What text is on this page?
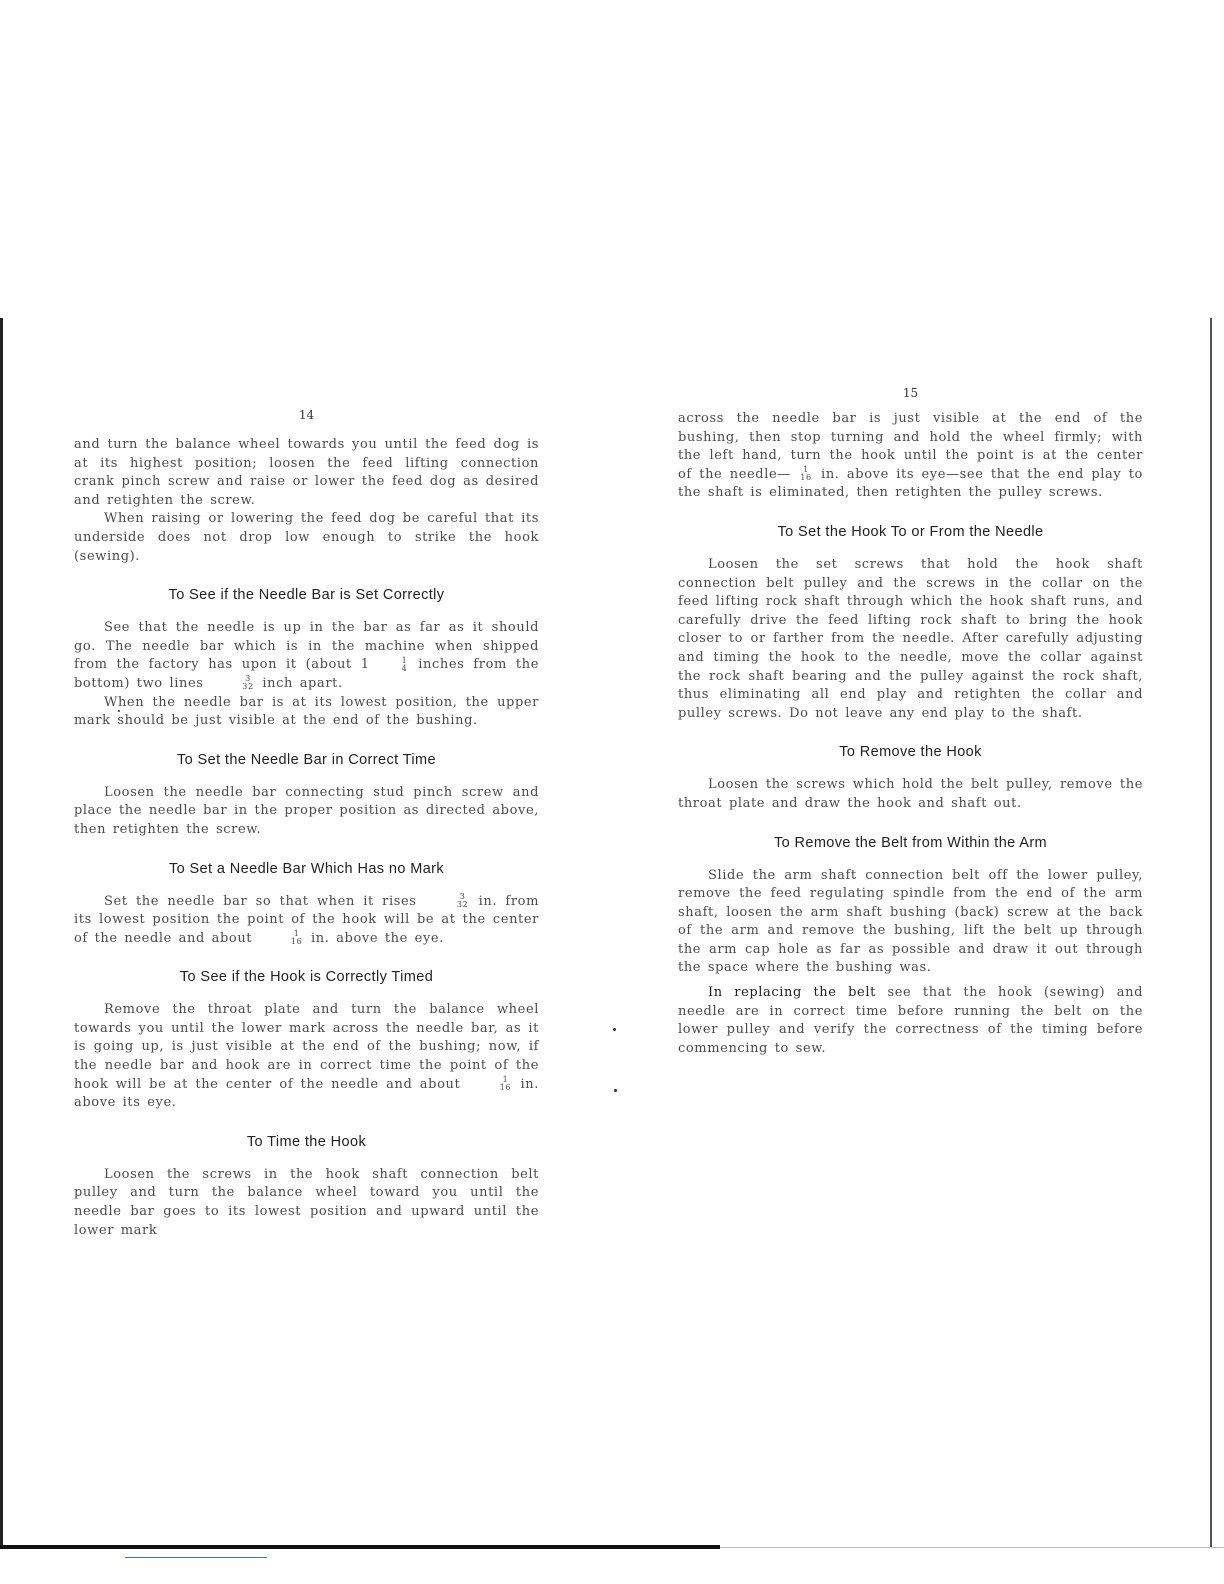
14

and turn the balance wheel towards you until the feed dog is at its highest position; loosen the feed lifting connection crank pinch screw and raise or lower the feed dog as desired and retighten the screw.

When raising or lowering the feed dog be careful that its underside does not drop low enough to strike the hook (sewing).

To See if the Needle Bar is Set Correctly

See that the needle is up in the bar as far as it should go. The needle bar which is in the machine when shipped from the factory has upon it (about 1	1
4 inches from the bottom) two lines	3
32 inch apart.

When the needle bar is at its lowest position, the upper mark should be just visible at the end of the bushing.

To Set the Needle Bar in Correct Time

Loosen the needle bar connecting stud pinch screw and place the needle bar in the proper position as directed above, then retighten the screw.

To Set a Needle Bar Which Has no Mark

Set the needle bar so that when it rises	3
32 in. from its lowest position the point of the hook will be at the center of the needle and about	1
16 in. above the eye.

To See if the Hook is Correctly Timed

Remove the throat plate and turn the balance wheel towards you until the lower mark across the needle bar, as it is going up, is just visible at the end of the bushing; now, if the needle bar and hook are in correct time the point of the hook will be at the center of the needle and about	1
16 in. above its eye.

To Time the Hook

Loosen the screws in the hook shaft connection belt pulley and turn the balance wheel toward you until the needle bar goes to its lowest position and upward until the lower mark

15

across the needle bar is just visible at the end of the bushing, then stop turning and hold the wheel firmly; with the left hand, turn the hook until the point is at the center of the needle— 1
16 in. above its eye—see that the end play to the shaft is eliminated, then retighten the pulley screws.

To Set the Hook To or From the Needle

Loosen the set screws that hold the hook shaft connection belt pulley and the screws in the collar on the feed lifting rock shaft through which the hook shaft runs, and carefully drive the feed lifting rock shaft to bring the hook closer to or farther from the needle. After carefully adjusting and timing the hook to the needle, move the collar against the rock shaft bearing and the pulley against the rock shaft, thus eliminating all end play and retighten the collar and pulley screws. Do not leave any end play to the shaft.

To Remove the Hook

Loosen the screws which hold the belt pulley, remove the throat plate and draw the hook and shaft out.

To Remove the Belt from Within the Arm

Slide the arm shaft connection belt off the lower pulley, remove the feed regulating spindle from the end of the arm shaft, loosen the arm shaft bushing (back) screw at the back of the arm and remove the bushing, lift the belt up through the arm cap hole as far as possible and draw it out through the space where the bushing was.

In replacing the belt see that the hook (sewing) and needle are in correct time before running the belt on the lower pulley and verify the correctness of the timing before commencing to sew.
